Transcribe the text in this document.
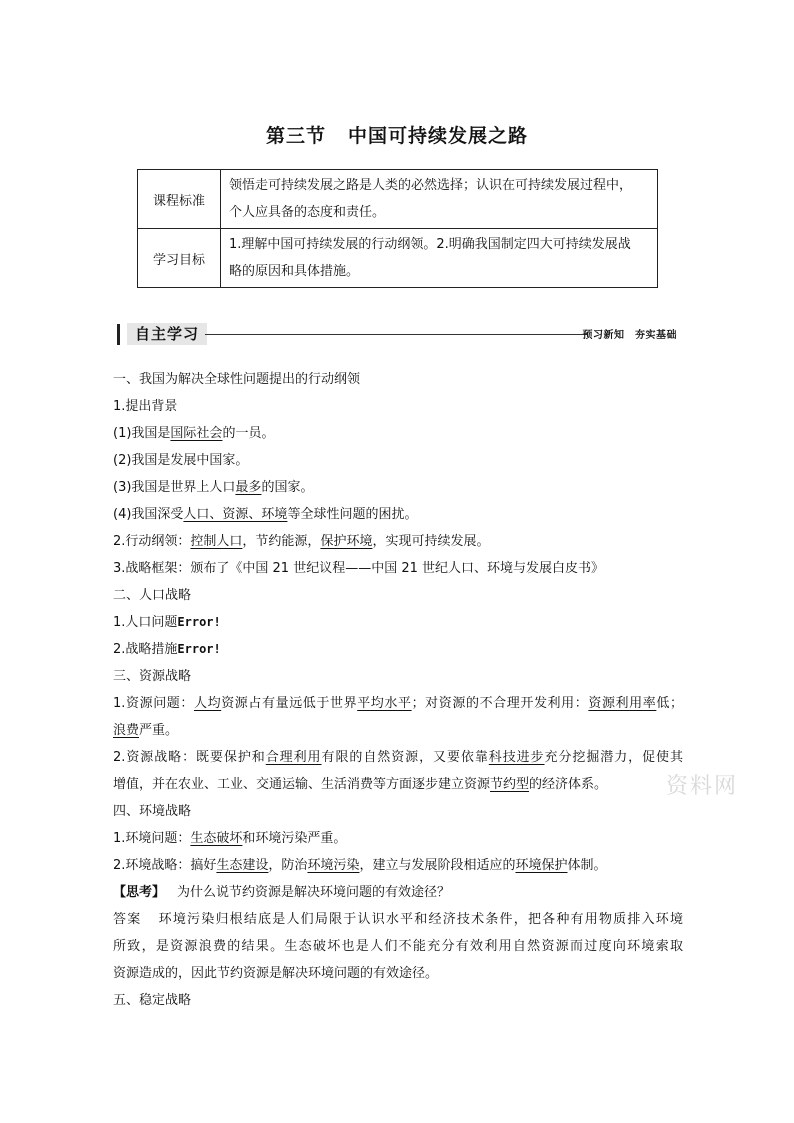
第三节 中国可持续发展之路
课程标准	领悟走可持续发展之路是人类的必然选择；认识在可持续发展过程中，
个人应具备的态度和责任。

学习目标	1.理解中国可持续发展的行动纲领。2.明确我国制定四大可持续发展战
略的原因和具体措施。
自主学习	预习新知　夯实基础
一、我国为解决全球性问题提出的行动纲领
1.提出背景
(1)我国是国际社会的一员。
(2)我国是发展中国家。
(3)我国是世界上人口最多的国家。
(4)我国深受人口、资源、环境等全球性问题的困扰。
2.行动纲领：控制人口，节约能源，保护环境，实现可持续发展。
3.战略框架：颁布了《中国 21 世纪议程——中国 21 世纪人口、环境与发展白皮书》
二、人口战略
1.人口问题Error!
2.战略措施Error!
三、资源战略
1.资源问题：人均资源占有量远低于世界平均水平；对资源的不合理开发利用：资源利用率低；
浪费严重。
2.资源战略：既要保护和合理利用有限的自然资源，又要依靠科技进步充分挖掘潜力，促使其
增值，并在农业、工业、交通运输、生活消费等方面逐步建立资源节约型的经济体系。
四、环境战略
1.环境问题：生态破坏和环境污染严重。
2.环境战略：搞好生态建设，防治环境污染，建立与发展阶段相适应的环境保护体制。
【思考】 为什么说节约资源是解决环境问题的有效途径？
答案 环境污染归根结底是人们局限于认识水平和经济技术条件，把各种有用物质排入环境
所致，是资源浪费的结果。生态破坏也是人们不能充分有效利用自然资源而过度向环境索取
资源造成的，因此节约资源是解决环境问题的有效途径。
五、稳定战略
资料网
